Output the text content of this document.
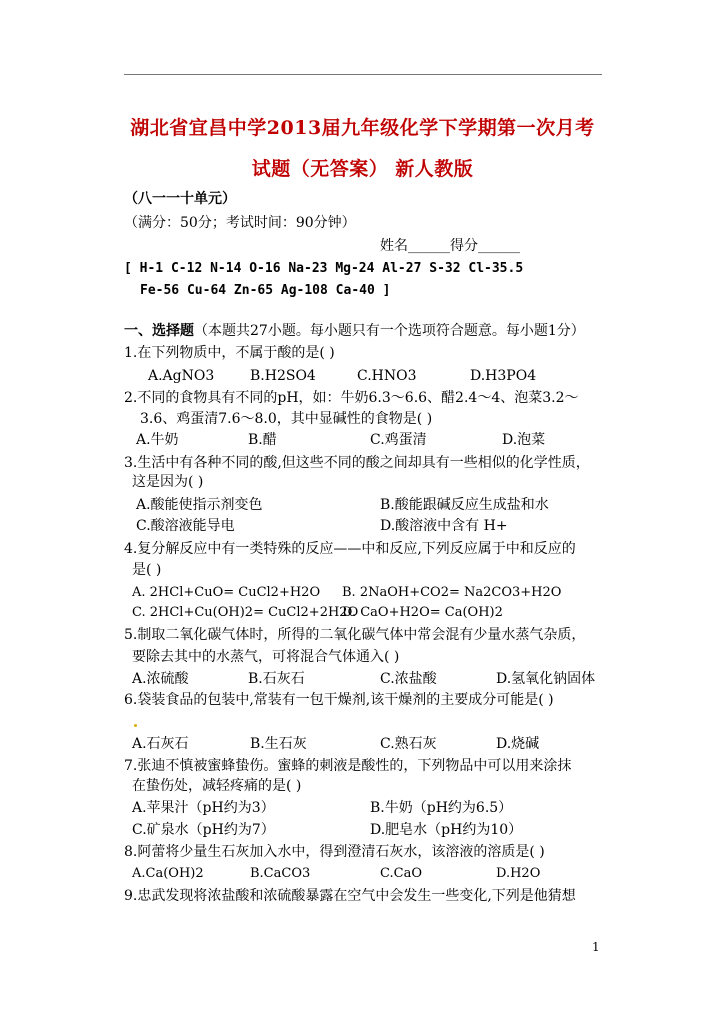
湖北省宜昌中学2013届九年级化学下学期第一次月考
试题（无答案） 新人教版
（八一一十单元）
（满分：50分；考试时间：90分钟）
姓名______得分______
[ H-1 C-12 N-14 O-16 Na-23 Mg-24 Al-27 S-32 Cl-35.5
Fe-56 Cu-64 Zn-65 Ag-108 Ca-40 ]
一、选择题（本题共27小题。每小题只有一个选项符合题意。每小题1分）
1.在下列物质中，不属于酸的是( )
A.AgNO3	B.H2SO4	C.HNO3	D.H3PO4
2.不同的食物具有不同的pH，如：牛奶6.3～6.6、醋2.4～4、泡菜3.2～
3.6、鸡蛋清7.6～8.0，其中显碱性的食物是( )
A.牛奶	B.醋	C.鸡蛋清	D.泡菜
3.生活中有各种不同的酸,但这些不同的酸之间却具有一些相似的化学性质，
这是因为( )
A.酸能使指示剂变色	B.酸能跟碱反应生成盐和水
C.酸溶液能导电	D.酸溶液中含有 H+
4.复分解反应中有一类特殊的反应——中和反应,下列反应属于中和反应的
是( )
A. 2HCl+CuO= CuCl2+H2O B. 2NaOH+CO2= Na2CO3+H2O
C. 2HCl+Cu(OH)2= CuCl2+2H2O
D. CaO+H2O= Ca(OH)2
5.制取二氧化碳气体时，所得的二氧化碳气体中常会混有少量水蒸气杂质，
要除去其中的水蒸气，可将混合气体通入( )
A.浓硫酸	B.石灰石	C.浓盐酸	D.氢氧化钠固体
6.袋装食品的包装中,常装有一包干燥剂,该干燥剂的主要成分可能是( )
A.石灰石	B.生石灰	C.熟石灰	D.烧碱
7.张迪不慎被蜜蜂蛰伤。蜜蜂的刺液是酸性的，下列物品中可以用来涂抹
在蛰伤处，减轻疼痛的是( )
A.苹果汁（pH约为3）	B.牛奶（pH约为6.5）
C.矿泉水（pH约为7）	D.肥皂水（pH约为10）
8.阿蕾将少量生石灰加入水中，得到澄清石灰水，该溶液的溶质是( )
A.Ca(OH)2	B.CaCO3	C.CaO	D.H2O
9.忠武发现将浓盐酸和浓硫酸暴露在空气中会发生一些变化,下列是他猜想
1
